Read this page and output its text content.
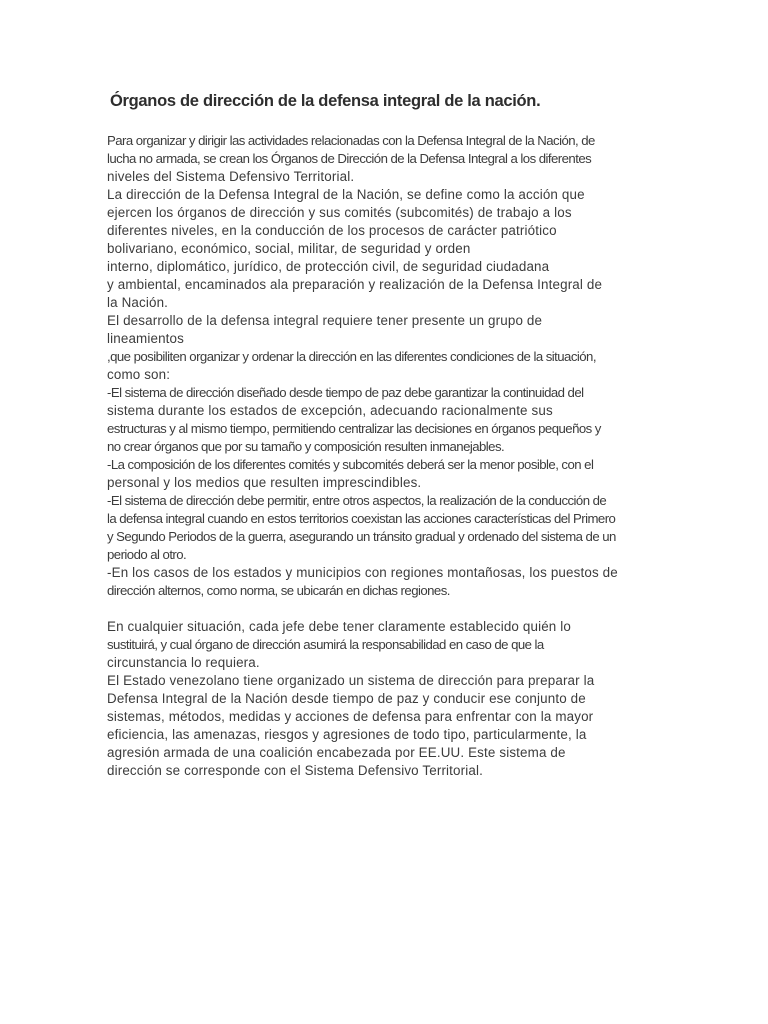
Órganos de dirección de la defensa integral de la nación.
Para organizar y dirigir las actividades relacionadas con la Defensa Integral de la Nación, de
lucha no armada, se crean los Órganos de Dirección de la Defensa Integral a los diferentes
niveles del Sistema Defensivo Territorial.
La dirección de la Defensa Integral de la Nación, se define como la acción que
ejercen los órganos de dirección y sus comités (subcomités) de trabajo a los
diferentes niveles, en la conducción de los procesos de carácter patriótico
bolivariano, económico, social, militar, de seguridad y orden
interno, diplomático, jurídico, de protección civil, de seguridad ciudadana
y ambiental, encaminados ala preparación y realización de la Defensa Integral de
la Nación.
El desarrollo de la defensa integral requiere tener presente un grupo de
lineamientos
,que posibiliten organizar y ordenar la dirección en las diferentes condiciones de la situación,
como son:
-El sistema de dirección diseñado desde tiempo de paz debe garantizar la continuidad del
sistema durante los estados de excepción, adecuando racionalmente sus
estructuras y al mismo tiempo, permitiendo centralizar las decisiones en órganos pequeños y
no crear órganos que por su tamaño y composición resulten inmanejables.
-La composición de los diferentes comités y subcomités deberá ser la menor posible, con el
personal y los medios que resulten imprescindibles.
-El sistema de dirección debe permitir, entre otros aspectos, la realización de la conducción de
la defensa integral cuando en estos territorios coexistan las acciones características del Primero
y Segundo Periodos de la guerra, asegurando un tránsito gradual y ordenado del sistema de un
periodo al otro.
-En los casos de los estados y municipios con regiones montañosas, los puestos de
dirección alternos, como norma, se ubicarán en dichas regiones.
En cualquier situación, cada jefe debe tener claramente establecido quién lo
sustituirá, y cual órgano de dirección asumirá la responsabilidad en caso de que la
circunstancia lo requiera.
El Estado venezolano tiene organizado un sistema de dirección para preparar la
Defensa Integral de la Nación desde tiempo de paz y conducir ese conjunto de
sistemas, métodos, medidas y acciones de defensa para enfrentar con la mayor
eficiencia, las amenazas, riesgos y agresiones de todo tipo, particularmente, la
agresión armada de una coalición encabezada por EE.UU. Este sistema de
dirección se corresponde con el Sistema Defensivo Territorial.
